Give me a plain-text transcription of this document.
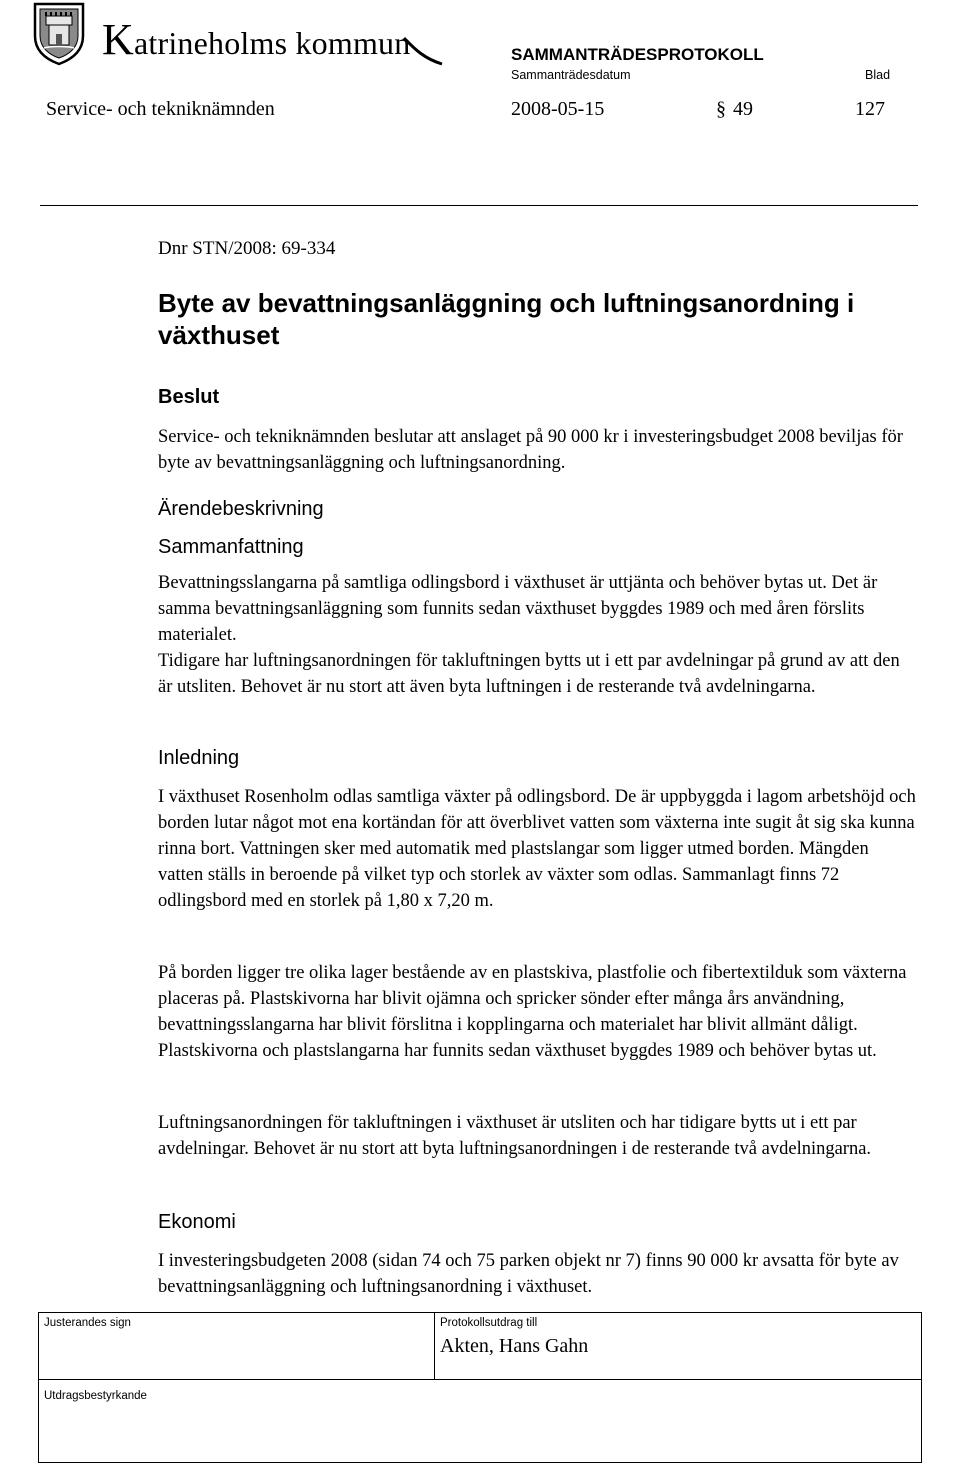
Katrineholms kommun	SAMMANTRÄDESPROTOKOLL
Sammanträdesdatum	Blad
Service- och tekniknämnden	2008-05-15	§ 49	127
Dnr STN/2008: 69-334
Byte av bevattningsanläggning och luftningsanordning i växthuset
Beslut
Service- och tekniknämnden beslutar att anslaget på 90 000 kr i investeringsbudget 2008 beviljas för byte av bevattningsanläggning och luftningsanordning.
Ärendebeskrivning
Sammanfattning
Bevattningsslangarna på samtliga odlingsbord i växthuset är uttjänta och behöver bytas ut. Det är samma bevattningsanläggning som funnits sedan växthuset byggdes 1989 och med åren förslits materialet.
Tidigare har luftningsanordningen för takluftningen bytts ut i ett par avdelningar på grund av att den är utsliten. Behovet är nu stort att även byta luftningen i de resterande två avdelningarna.
Inledning
I växthuset Rosenholm odlas samtliga växter på odlingsbord. De är uppbyggda i lagom arbetshöjd och borden lutar något mot ena kortändan för att överblivet vatten som växterna inte sugit åt sig ska kunna rinna bort. Vattningen sker med automatik med plastslangar som ligger utmed borden. Mängden vatten ställs in beroende på vilket typ och storlek av växter som odlas. Sammanlagt finns 72 odlingsbord med en storlek på 1,80 x 7,20 m.
På borden ligger tre olika lager bestående av en plastskiva, plastfolie och fibertextilduk som växterna placeras på. Plastskivorna har blivit ojämna och spricker sönder efter många års användning, bevattningsslangarna har blivit förslitna i kopplingarna och materialet har blivit allmänt dåligt. Plastskivorna och plastslangarna har funnits sedan växthuset byggdes 1989 och behöver bytas ut.
Luftningsanordningen för takluftningen i växthuset är utsliten och har tidigare bytts ut i ett par avdelningar. Behovet är nu stort att byta luftningsanordningen i de resterande två avdelningarna.
Ekonomi
I investeringsbudgeten 2008 (sidan 74 och 75 parken objekt nr 7) finns 90 000 kr avsatta för byte av bevattningsanläggning och luftningsanordning i växthuset.
Justerandes sign	Protokollsutdrag till
Akten, Hans Gahn
Utdragsbestyrkande
